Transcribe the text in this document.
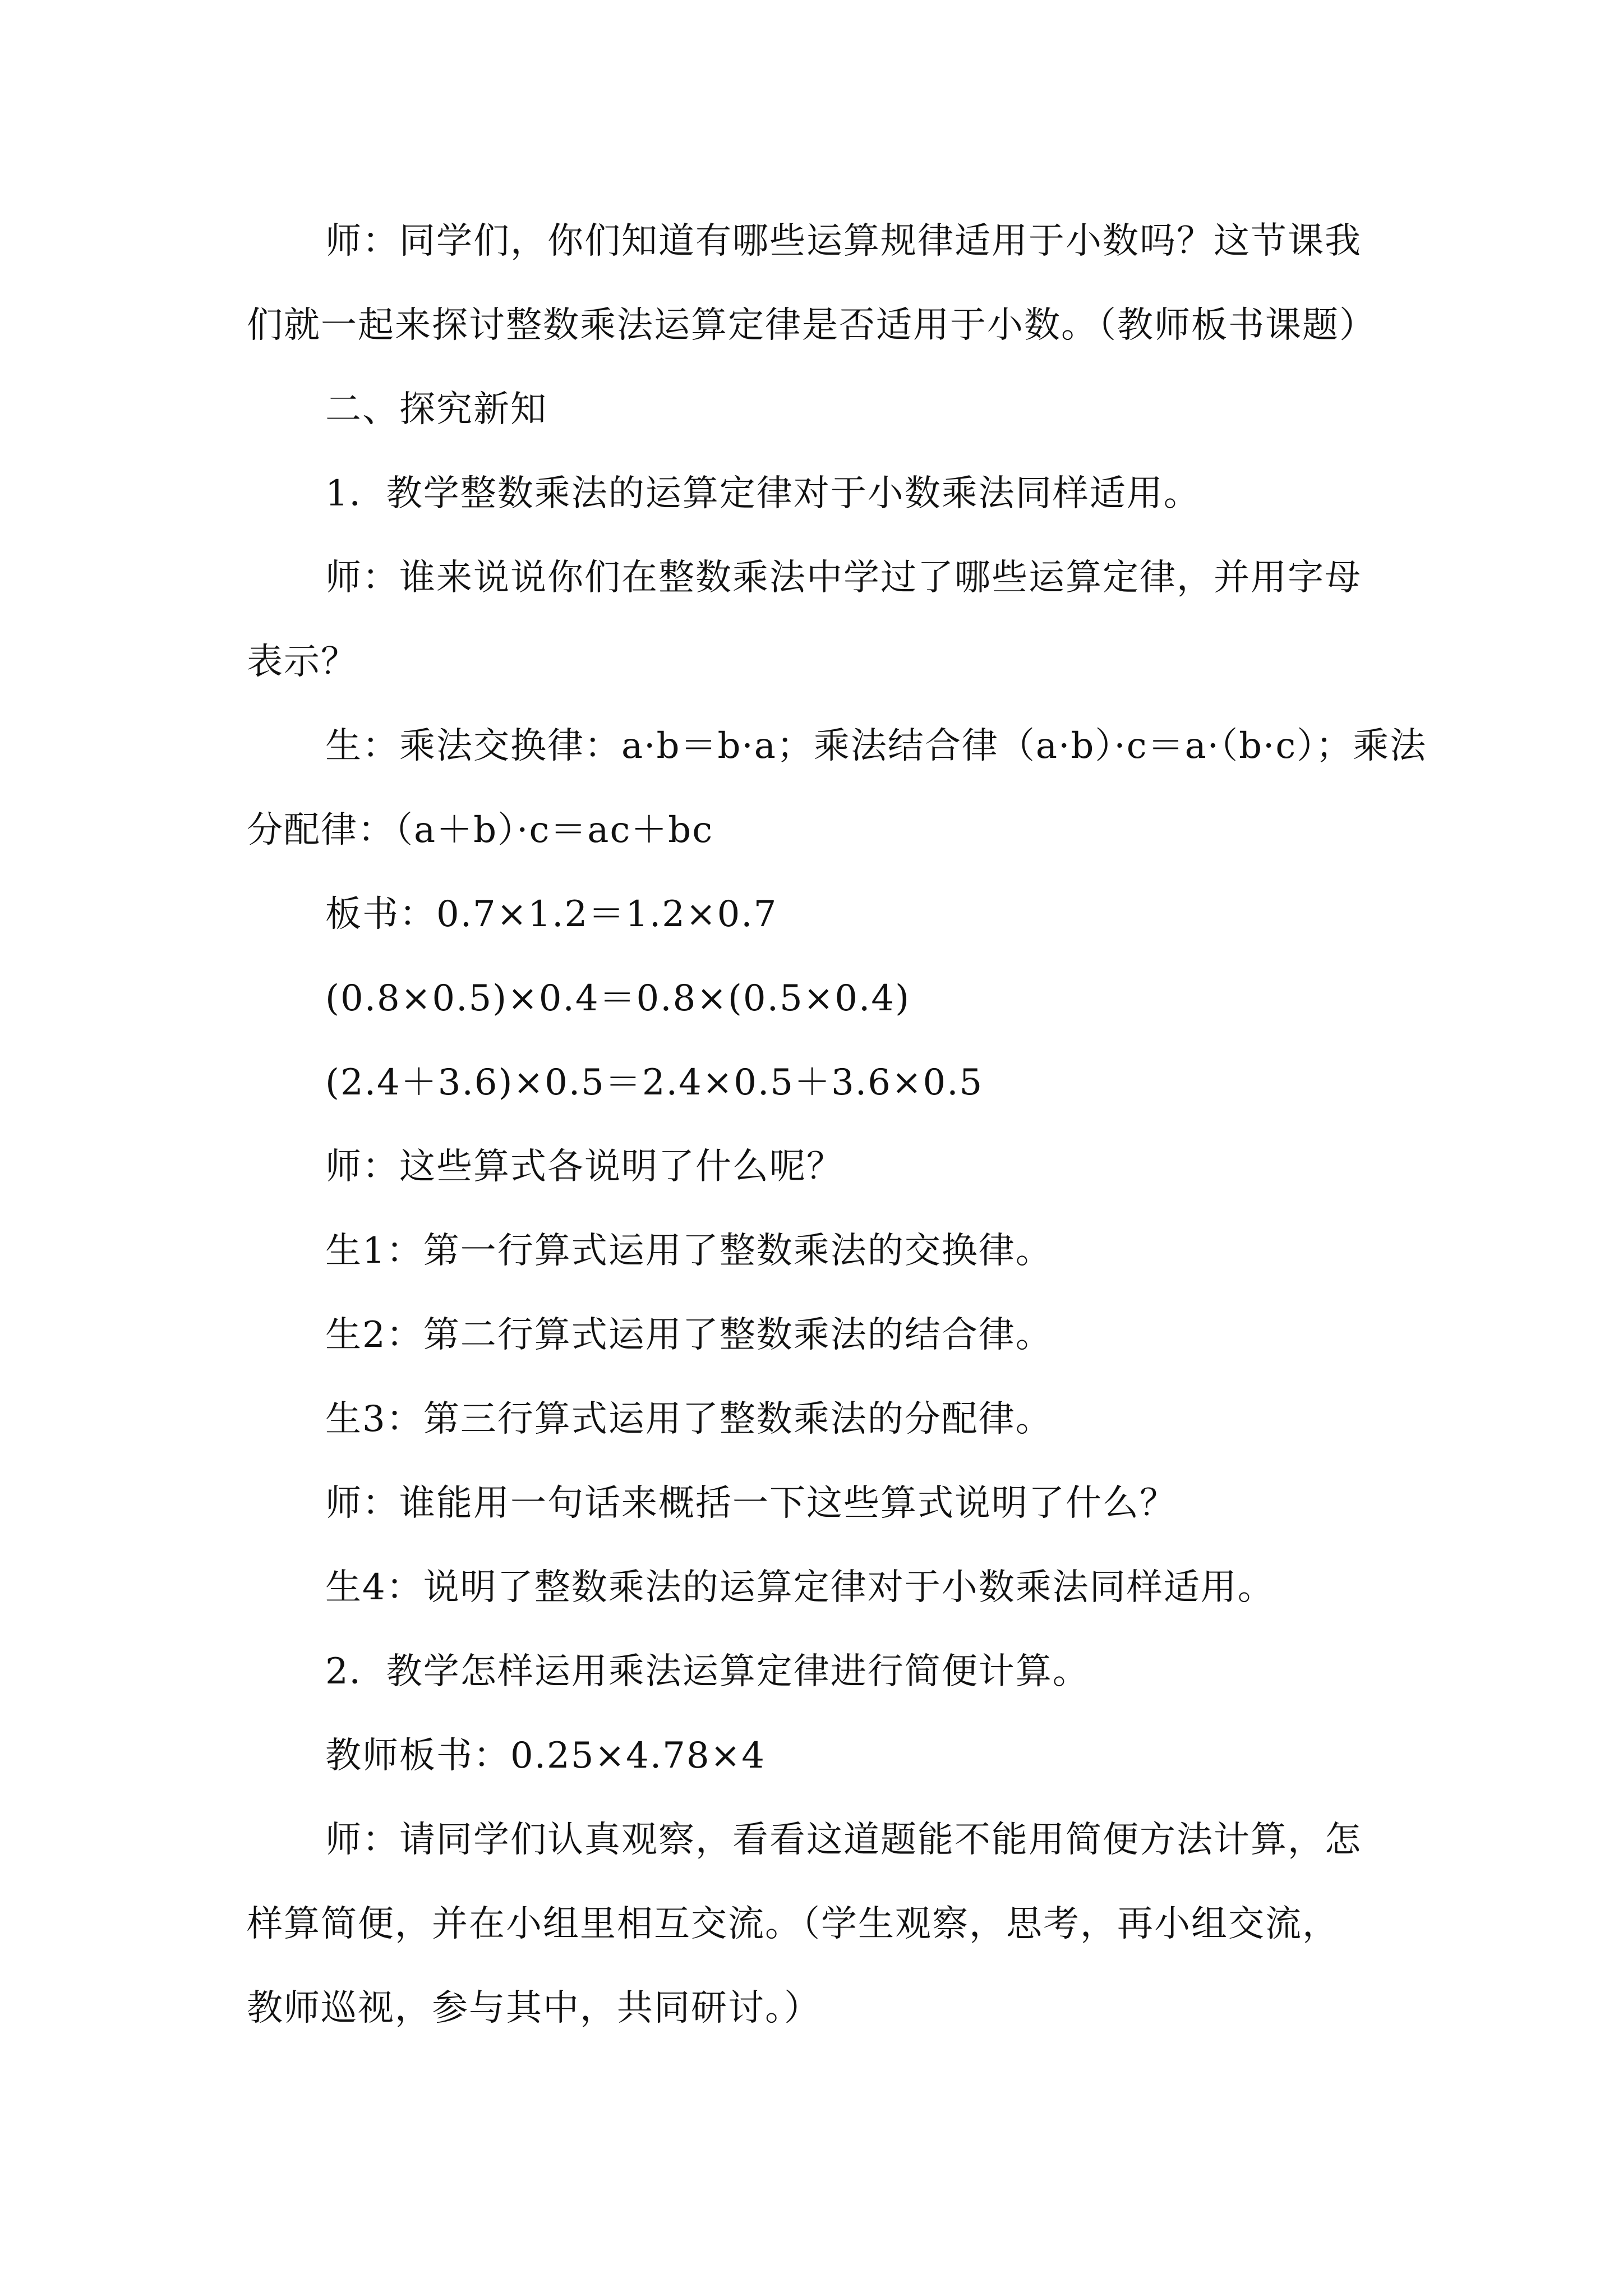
师：同学们，你们知道有哪些运算规律适用于小数吗？这节课我
们就一起来探讨整数乘法运算定律是否适用于小数。（教师板书课题）
二、探究新知
1．教学整数乘法的运算定律对于小数乘法同样适用。
师：谁来说说你们在整数乘法中学过了哪些运算定律，并用字母
表示？
生：乘法交换律：a·b＝b·a；乘法结合律（a·b）·c＝a·（b·c）；乘法
分配律：（a＋b）·c＝ac＋bc
板书：0.7×1.2＝1.2×0.7
(0.8×0.5)×0.4＝0.8×(0.5×0.4)
(2.4＋3.6)×0.5＝2.4×0.5＋3.6×0.5
师：这些算式各说明了什么呢？
生1：第一行算式运用了整数乘法的交换律。
生2：第二行算式运用了整数乘法的结合律。
生3：第三行算式运用了整数乘法的分配律。
师：谁能用一句话来概括一下这些算式说明了什么？
生4：说明了整数乘法的运算定律对于小数乘法同样适用。
2．教学怎样运用乘法运算定律进行简便计算。
教师板书：0.25×4.78×4
师：请同学们认真观察，看看这道题能不能用简便方法计算，怎
样算简便，并在小组里相互交流。（学生观察，思考，再小组交流，
教师巡视，参与其中，共同研讨。）
